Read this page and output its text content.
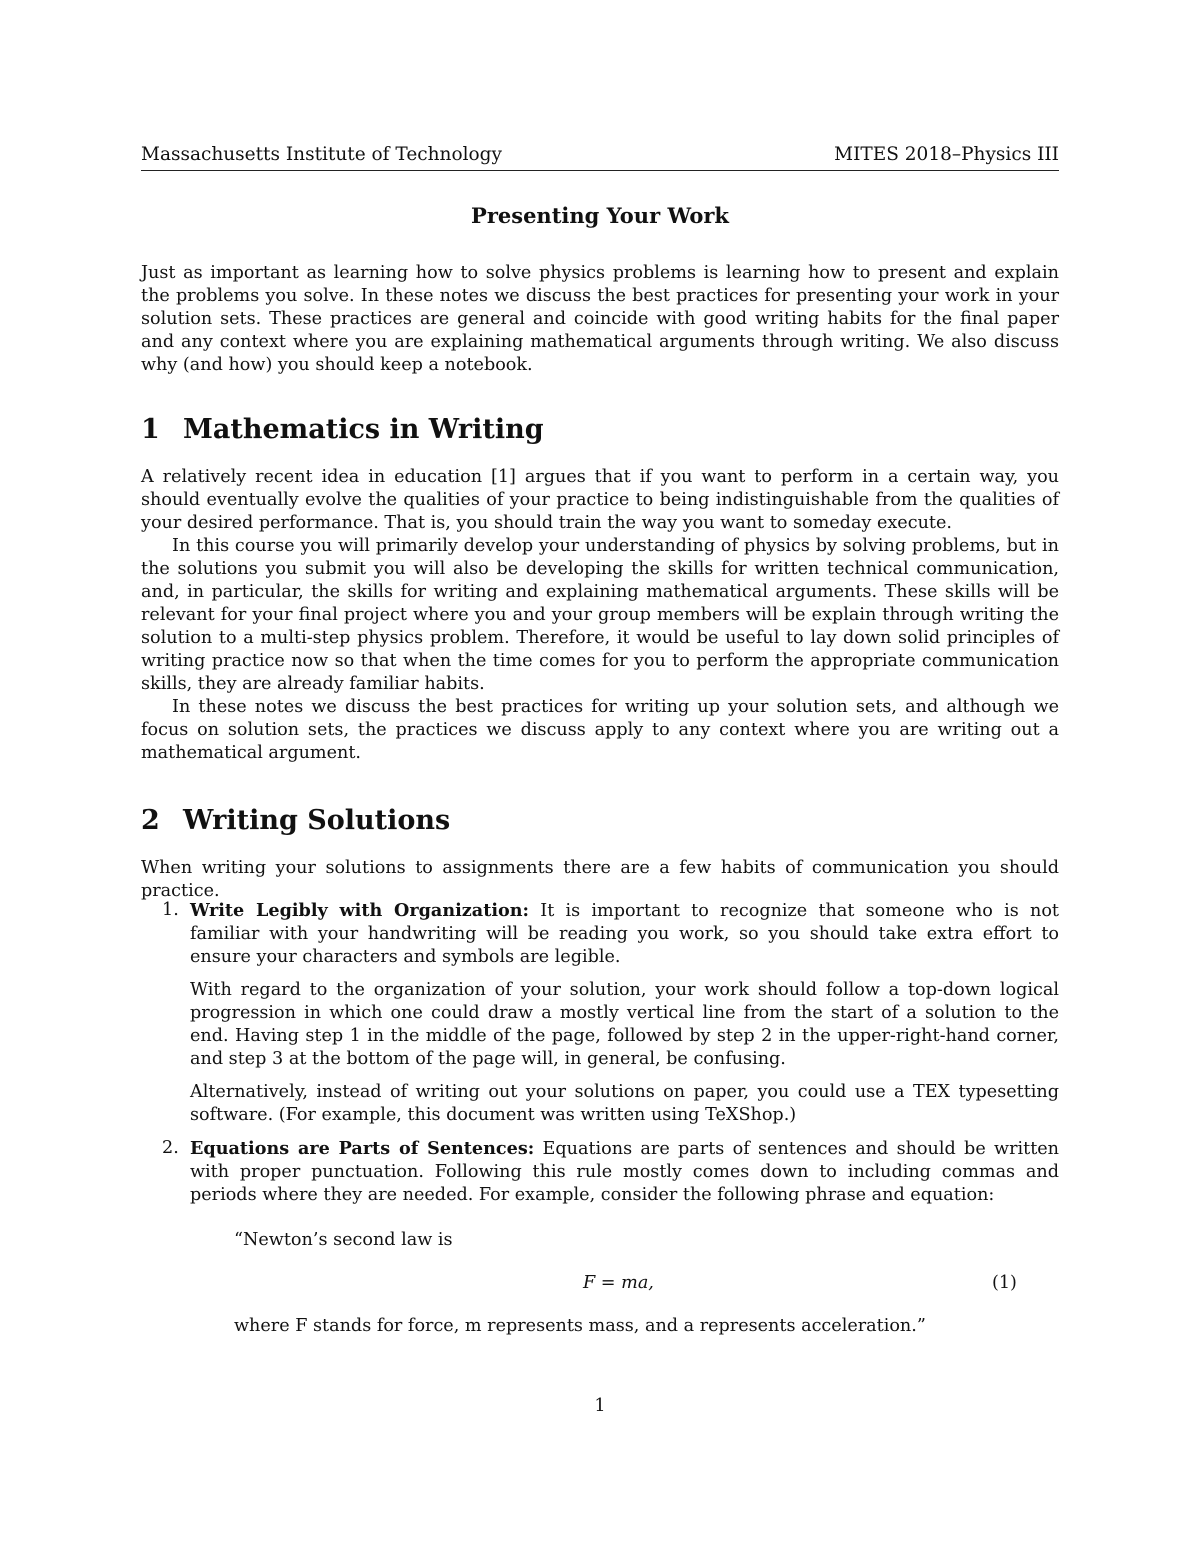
Massachusetts Institute of Technology	MITES 2018–Physics III
Presenting Your Work

Just as important as learning how to solve physics problems is learning how to present and explain the problems you solve. In these notes we discuss the best practices for presenting your work in your solution sets. These practices are general and coincide with good writing habits for the final paper and any context where you are explaining mathematical arguments through writing. We also discuss why (and how) you should keep a notebook.

1 Mathematics in Writing

A relatively recent idea in education [1] argues that if you want to perform in a certain way, you should eventually evolve the qualities of your practice to being indistinguishable from the qualities of your desired performance. That is, you should train the way you want to someday execute.

In this course you will primarily develop your understanding of physics by solving problems, but in the solutions you submit you will also be developing the skills for written technical communication, and, in particular, the skills for writing and explaining mathematical arguments. These skills will be relevant for your final project where you and your group members will be explain through writing the solution to a multi-step physics problem. Therefore, it would be useful to lay down solid principles of writing practice now so that when the time comes for you to perform the appropriate communication skills, they are already familiar habits.

In these notes we discuss the best practices for writing up your solution sets, and although we focus on solution sets, the practices we discuss apply to any context where you are writing out a mathematical argument.

2 Writing Solutions

When writing your solutions to assignments there are a few habits of communication you should practice.

1. Write Legibly with Organization: It is important to recognize that someone who is not familiar with your handwriting will be reading you work, so you should take extra effort to ensure your characters and symbols are legible.

With regard to the organization of your solution, your work should follow a top-down logical progression in which one could draw a mostly vertical line from the start of a solution to the end. Having step 1 in the middle of the page, followed by step 2 in the upper-right-hand corner, and step 3 at the bottom of the page will, in general, be confusing.

Alternatively, instead of writing out your solutions on paper, you could use a TEX typesetting software. (For example, this document was written using TeXShop.)

2. Equations are Parts of Sentences: Equations are parts of sentences and should be written with proper punctuation. Following this rule mostly comes down to including commas and periods where they are needed. For example, consider the following phrase and equation:

“Newton’s second law is
F = ma,	(1)
where F stands for force, m represents mass, and a represents acceleration.”
1
